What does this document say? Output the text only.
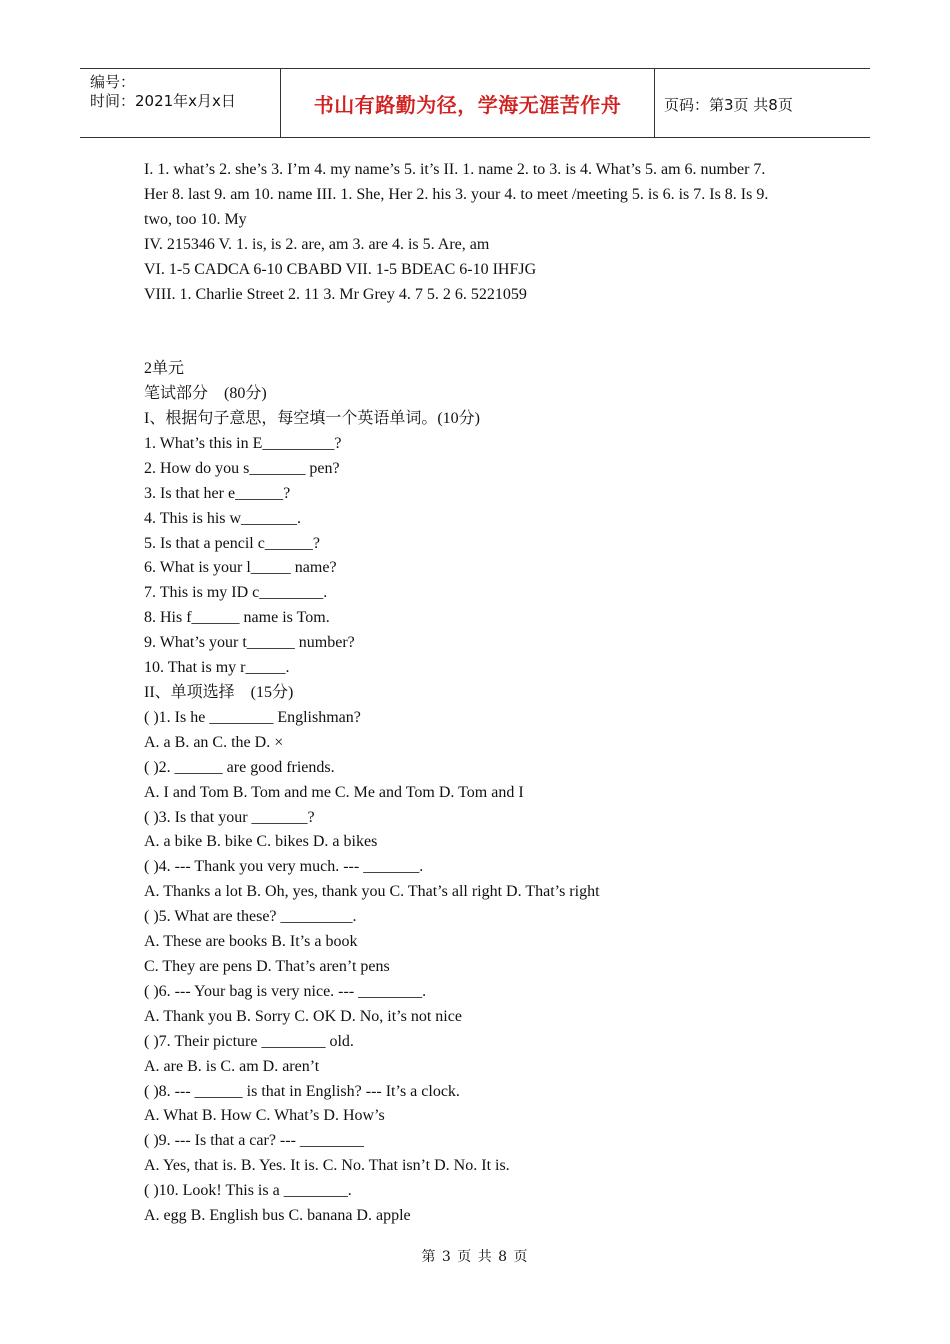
编号：
时间：2021年x月x日	书山有路勤为径，学海无涯苦作舟	页码：第3页 共8页
I. 1. what’s 2. she’s 3. I’m 4. my name’s 5. it’s II. 1. name 2. to 3. is 4. What’s 5. am 6. number 7.
Her 8. last 9. am 10. name III. 1. She, Her 2. his 3. your 4. to meet /meeting 5. is 6. is 7. Is 8. Is 9.
two, too 10. My
IV. 215346 V. 1. is, is 2. are, am 3. are 4. is 5. Are, am
VI. 1-5 CADCA 6-10 CBABD VII. 1-5 BDEAC 6-10 IHFJG
VIII. 1. Charlie Street 2. 11 3. Mr Grey 4. 7 5. 2 6. 5221059
2单元
笔试部分　(80分)
I、根据句子意思，每空填一个英语单词。(10分)
1. What’s this in E_________?
2. How do you s_______ pen?
3. Is that her e______?
4. This is his w_______.
5. Is that a pencil c______?
6. What is your l_____ name?
7. This is my ID c________.
8. His f______ name is Tom.
9. What’s your t______ number?
10. That is my r_____.
II、单项选择　(15分)
( )1. Is he ________ Englishman?
A. a B. an C. the D. ×
( )2. ______ are good friends.
A. I and Tom B. Tom and me C. Me and Tom D. Tom and I
( )3. Is that your _______?
A. a bike B. bike C. bikes D. a bikes
( )4. --- Thank you very much. --- _______.
A. Thanks a lot B. Oh, yes, thank you C. That’s all right D. That’s right
( )5. What are these? _________.
A. These are books B. It’s a book
C. They are pens D. That’s aren’t pens
( )6. --- Your bag is very nice. --- ________.
A. Thank you B. Sorry C. OK D. No, it’s not nice
( )7. Their picture ________ old.
A. are B. is C. am D. aren’t
( )8. --- ______ is that in English? --- It’s a clock.
A. What B. How C. What’s D. How’s
( )9. --- Is that a car? --- ________
A. Yes, that is. B. Yes. It is. C. No. That isn’t D. No. It is.
( )10. Look! This is a ________.
A. egg B. English bus C. banana D. apple
第 3 页 共 8 页
